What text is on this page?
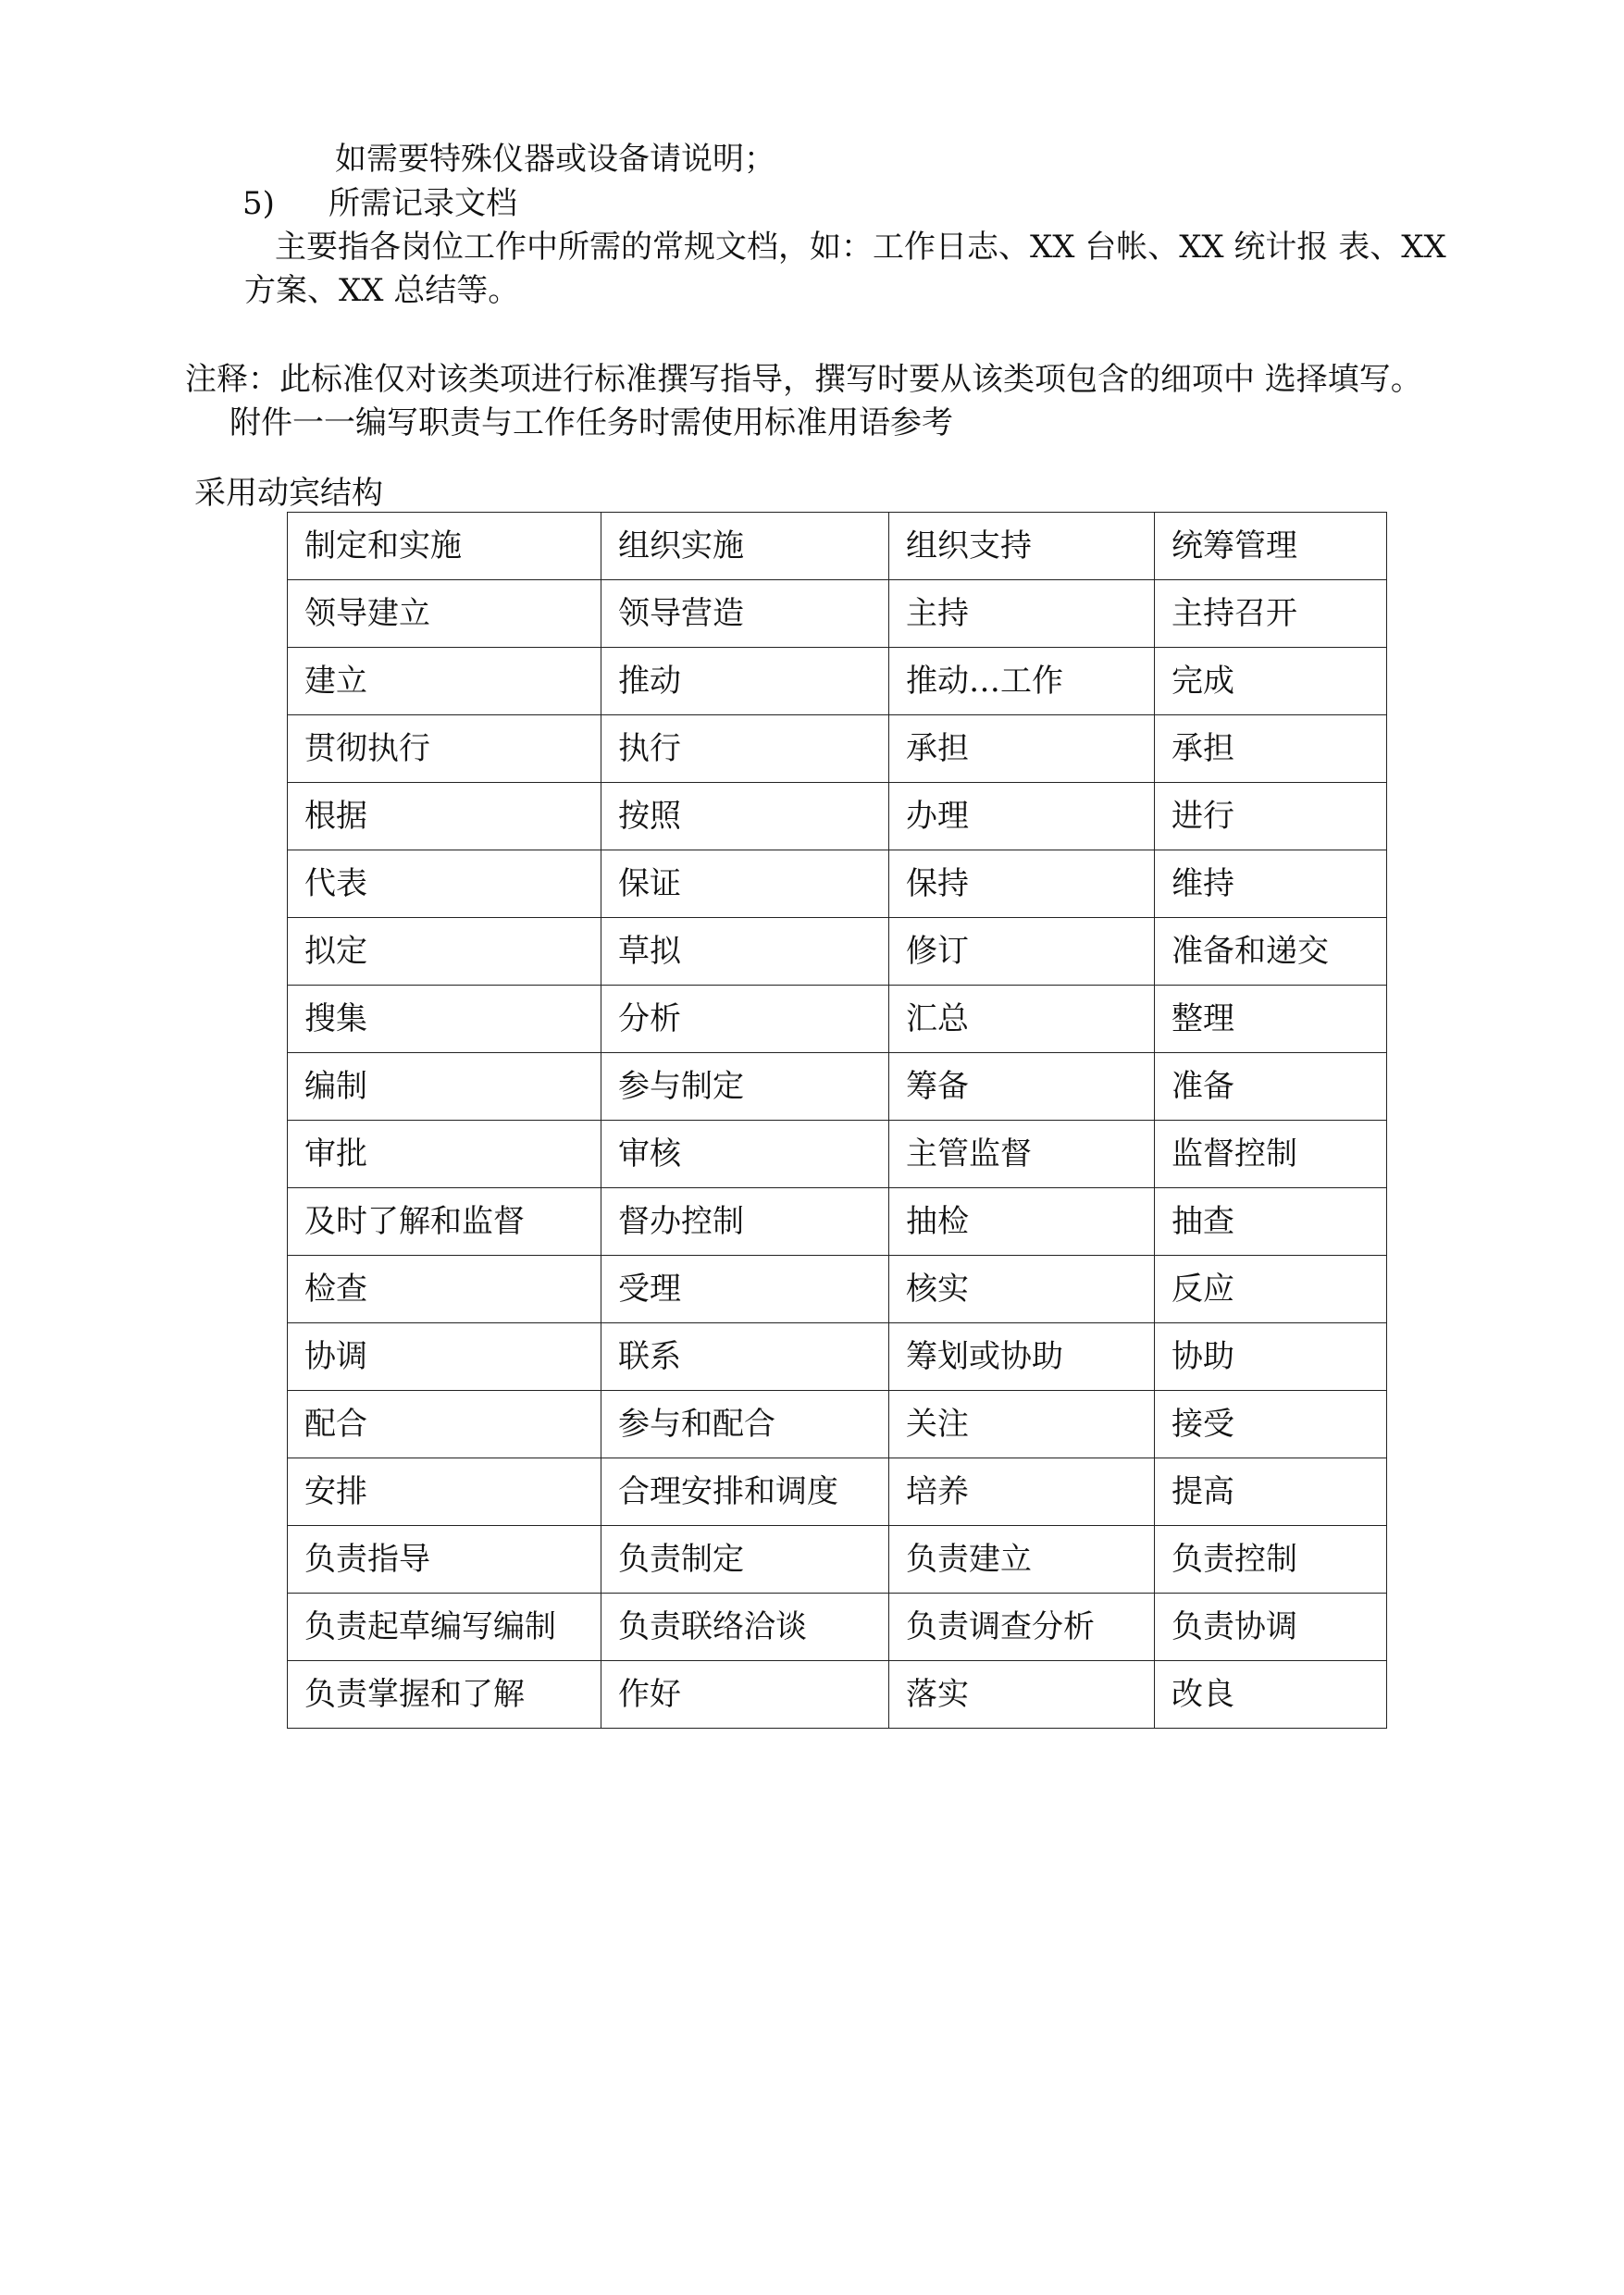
如需要特殊仪器或设备请说明；
5) 所需记录文档
主要指各岗位工作中所需的常规文档，如：工作日志、XX 台帐、XX 统计报 表、XX
方案、XX 总结等。
注释：此标准仅对该类项进行标准撰写指导，撰写时要从该类项包含的细项中 选择填写。
附件一一编写职责与工作任务时需使用标准用语参考
采用动宾结构
制定和实施	组织实施	组织支持	统筹管理
领导建立	领导营造	主持	主持召开
建立	推动	推动…工作	完成
贯彻执行	执行	承担	承担
根据	按照	办理	进行
代表	保证	保持	维持
拟定	草拟	修订	准备和递交
搜集	分析	汇总	整理
编制	参与制定	筹备	准备
审批	审核	主管监督	监督控制
及时了解和监督	督办控制	抽检	抽查
检查	受理	核实	反应
协调	联系	筹划或协助	协助
配合	参与和配合	关注	接受
安排	合理安排和调度	培养	提高
负责指导	负责制定	负责建立	负责控制
负责起草编写编制	负责联络洽谈	负责调查分析	负责协调
负责掌握和了解	作好	落实	改良
